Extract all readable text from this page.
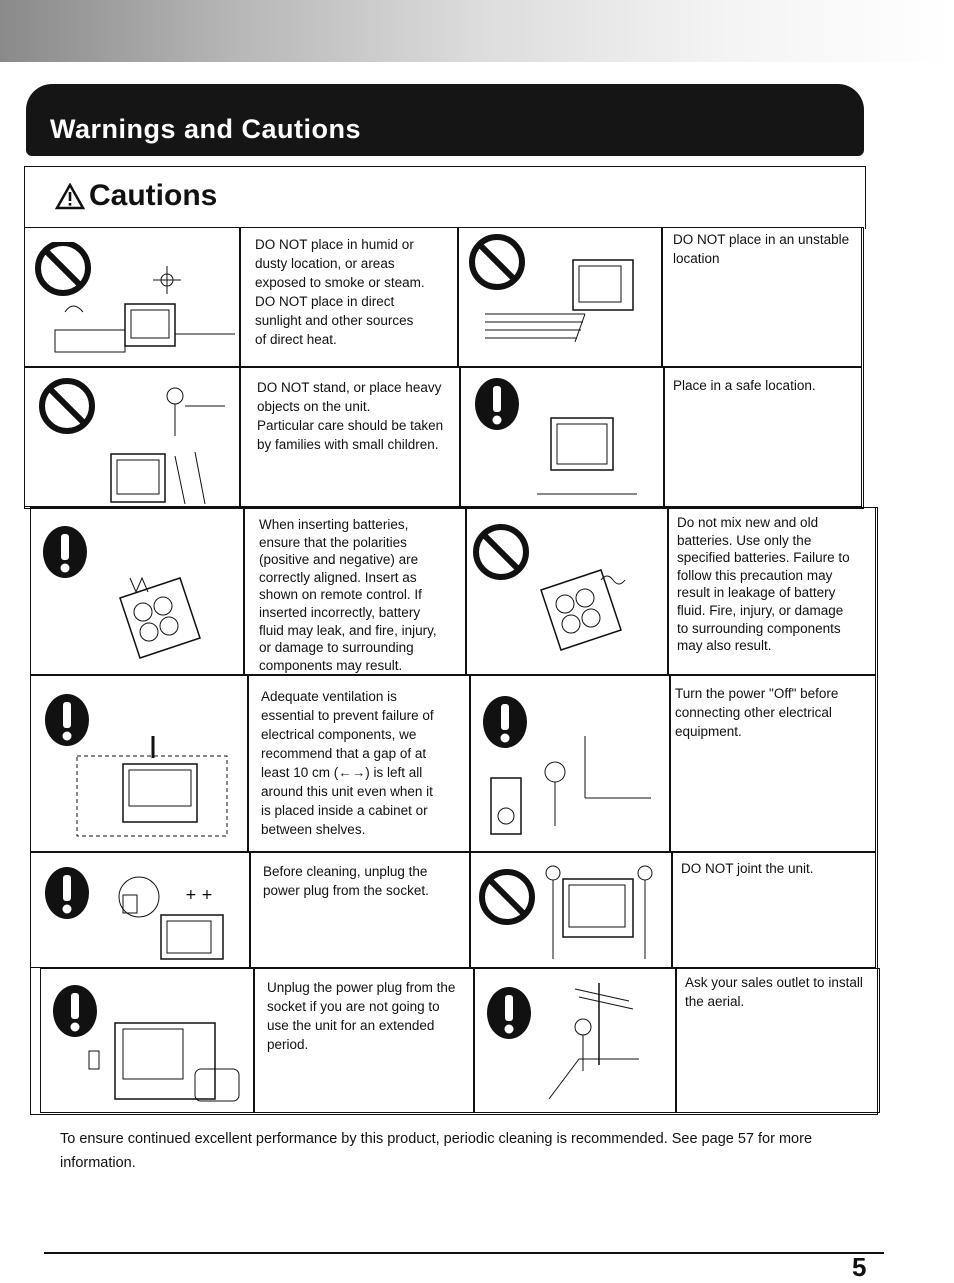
Warnings and Cautions
Cautions
DO NOT place in humid or
dusty location, or areas
exposed to smoke or steam.
DO NOT place in direct
sunlight and other sources
of direct heat.
DO NOT place in an unstable
location
DO NOT stand, or place heavy
objects on the unit.
Particular care should be taken
by families with small children.
Place in a safe location.
When inserting batteries,
ensure that the polarities
(positive and negative) are
correctly aligned. Insert as
shown on remote control. If
inserted incorrectly, battery
fluid may leak, and fire, injury,
or damage to surrounding
components may result.
Do not mix new and old
batteries. Use only the
specified batteries. Failure to
follow this precaution may
result in leakage of battery
fluid. Fire, injury, or damage
to surrounding components
may also result.
Adequate ventilation is
essential to prevent failure of
electrical components, we
recommend that a gap of at
least 10 cm (←→) is left all
around this unit even when it
is placed inside a cabinet or
between shelves.
Turn the power "Off" before
connecting other electrical
equipment.
+ +
Before cleaning, unplug the
power plug from the socket.
DO NOT joint the unit.
Unplug the power plug from the
socket if you are not going to
use the unit for an extended
period.
Ask your sales outlet to install
the aerial.
To ensure continued excellent performance by this product, periodic cleaning is recommended. See page 57 for more information.
5
